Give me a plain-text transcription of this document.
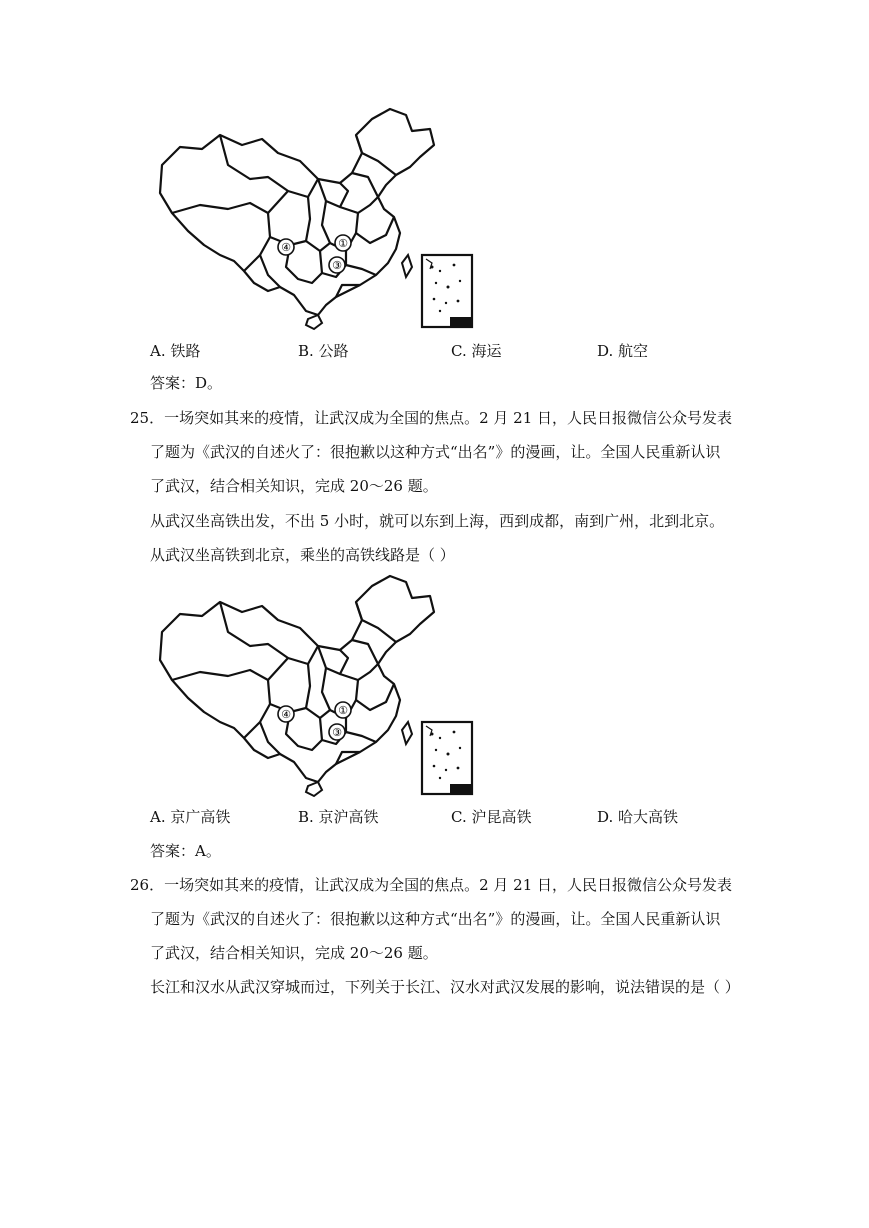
④	①
③
A. 铁路	B. 公路	C. 海运	D. 航空
答案：D。
25．一场突如其来的疫情，让武汉成为全国的焦点。2 月 21 日，人民日报微信公众号发表
了题为《武汉的自述火了：很抱歉以这种方式“出名”》的漫画，让。全国人民重新认识
了武汉，结合相关知识，完成 20～26 题。
从武汉坐高铁出发，不出 5 小时，就可以东到上海，西到成都，南到广州，北到北京。
从武汉坐高铁到北京，乘坐的高铁线路是（ ）
④	①
③
A. 京广高铁	B. 京沪高铁	C. 沪昆高铁	D. 哈大高铁
答案：A。
26．一场突如其来的疫情，让武汉成为全国的焦点。2 月 21 日，人民日报微信公众号发表
了题为《武汉的自述火了：很抱歉以这种方式“出名”》的漫画，让。全国人民重新认识
了武汉，结合相关知识，完成 20～26 题。
长江和汉水从武汉穿城而过，下列关于长江、汉水对武汉发展的影响，说法错误的是（ ）
